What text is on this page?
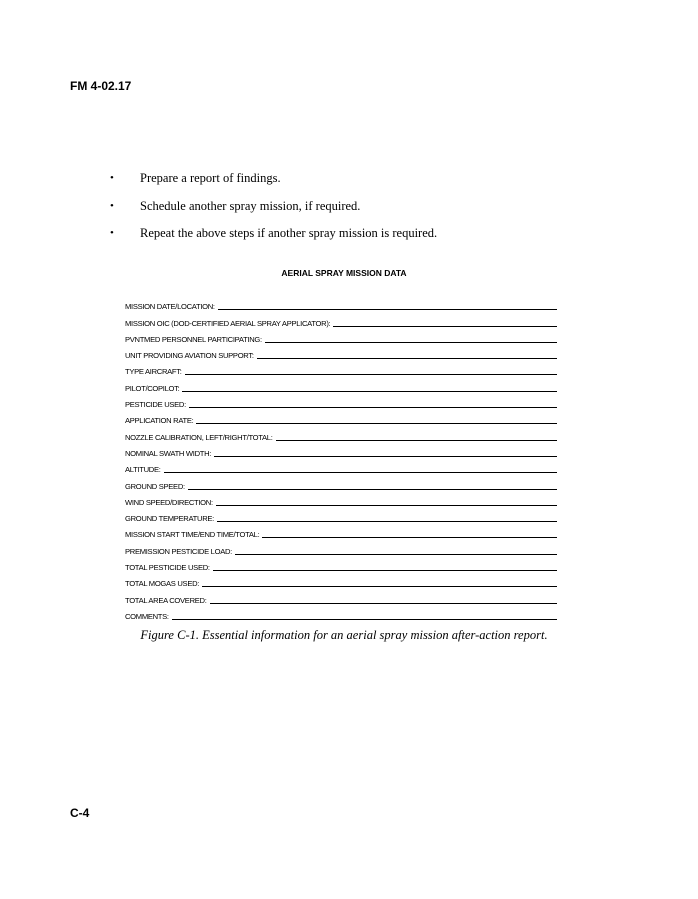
FM 4-02.17
•	Prepare a report of findings.
•	Schedule another spray mission, if required.
•	Repeat the above steps if another spray mission is required.
AERIAL SPRAY MISSION DATA
MISSION DATE/LOCATION:
MISSION OIC (DOD-CERTIFIED AERIAL SPRAY APPLICATOR):
PVNTMED PERSONNEL PARTICIPATING:
UNIT PROVIDING AVIATION SUPPORT:
TYPE AIRCRAFT:
PILOT/COPILOT:
PESTICIDE USED:
APPLICATION RATE:
NOZZLE CALIBRATION, LEFT/RIGHT/TOTAL:
NOMINAL SWATH WIDTH:
ALTITUDE:
GROUND SPEED:
WIND SPEED/DIRECTION:
GROUND TEMPERATURE:
MISSION START TIME/END TIME/TOTAL:
PREMISSION PESTICIDE LOAD:
TOTAL PESTICIDE USED:
TOTAL MOGAS USED:
TOTAL AREA COVERED:
COMMENTS:
Figure C-1. Essential information for an aerial spray mission after-action report.
C-4
